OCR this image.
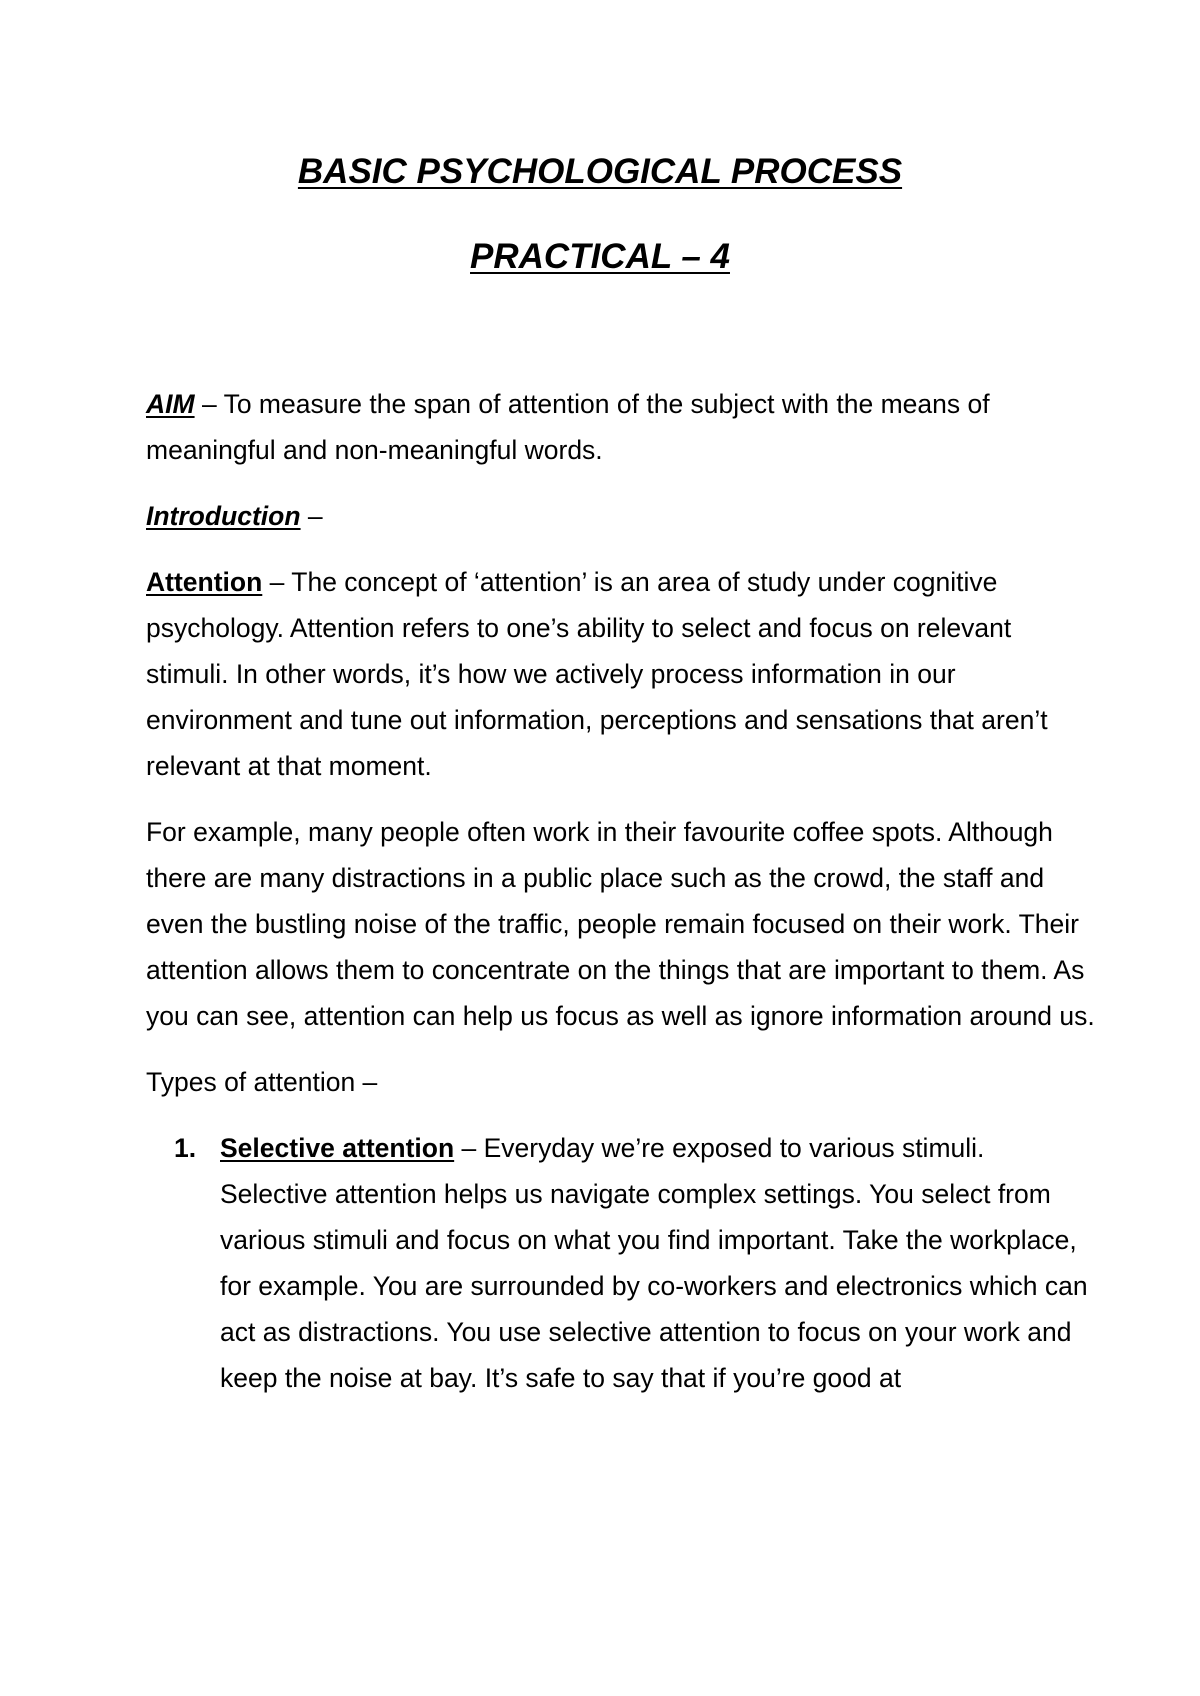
BASIC PSYCHOLOGICAL PROCESS
PRACTICAL – 4

AIM – To measure the span of attention of the subject with the means of meaningful and non-meaningful words.

Introduction –

Attention – The concept of ‘attention’ is an area of study under cognitive psychology. Attention refers to one’s ability to select and focus on relevant stimuli. In other words, it’s how we actively process information in our environment and tune out information, perceptions and sensations that aren’t relevant at that moment.

For example, many people often work in their favourite coffee spots. Although there are many distractions in a public place such as the crowd, the staff and even the bustling noise of the traffic, people remain focused on their work. Their attention allows them to concentrate on the things that are important to them. As you can see, attention can help us focus as well as ignore information around us.

Types of attention –

1. Selective attention – Everyday we’re exposed to various stimuli. Selective attention helps us navigate complex settings. You select from various stimuli and focus on what you find important. Take the workplace, for example. You are surrounded by co-workers and electronics which can act as distractions. You use selective attention to focus on your work and keep the noise at bay. It’s safe to say that if you’re good at
